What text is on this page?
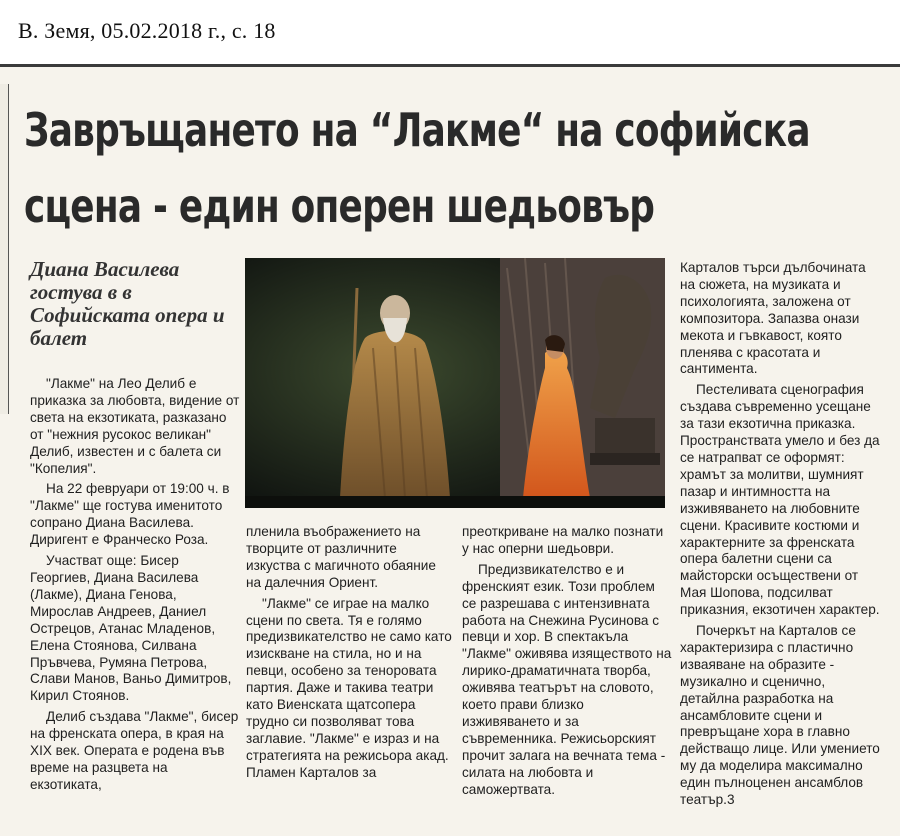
В. Земя, 05.02.2018 г., с. 18
Завръщането на “Лакме“ на софийска
сцена - един оперен шедьовър
Диана Василева гостува в в Софийската опера и балет

"Лакме" на Лео Делиб е приказка за любовта, видение от света на екзотиката, разказано от "нежния русокос великан" Делиб, известен и с балета си "Копелия".

На 22 февруари от 19:00 ч. в "Лакме" ще гостува именитото сопрано Диана Василева. Диригент е Франческо Роза.

Участват още: Бисер Георгиев, Диана Василева (Лакме), Диана Генова, Мирослав Андреев, Даниел Острецов, Атанас Младенов, Елена Стоянова, Силвана Пръвчева, Румяна Петрова, Слави Манов, Ваньо Димитров, Кирил Стоянов.

Делиб създава "Лакме", бисер на френската опера, в края на XIX век. Операта е родена във време на разцвета на екзотиката,

пленила въображението на творците от различните изкуства с магичното обаяние на далечния Ориент.

"Лакме" се играе на малко сцени по света. Тя е голямо предизвикателство не само като изискване на стила, но и на певци, особено за теноровата партия. Даже и такива театри като Виенската щатсопера трудно си позволяват това заглавие. "Лакме" е израз и на стратегията на режисьора акад. Пламен Карталов за

преоткриване на малко познати у нас оперни шедьоври.

Предизвикателство е и френският език. Този проблем се разрешава с интензивната работа на Снежина Русинова с певци и хор. В спектакъла "Лакме" оживява изяществото на лирико-драматичната творба, оживява театърът на словото, което прави близко изживяването и за съвременника. Режисьорският прочит залага на вечната тема - силата на любовта и саможертвата.

Карталов търси дълбочината на сюжета, на музиката и психологията, заложена от композитора. Запазва онази мекота и гъвкавост, която пленява с красотата и сантимента.

Пестеливата сценография създава съвременно усещане за тази екзотична приказка. Пространствата умело и без да се натрапват се оформят: храмът за молитви, шумният пазар и интимността на изживяването на любовните сцени. Красивите костюми и характерните за френската опера балетни сцени са майсторски осъществени от Мая Шопова, подсилват приказния, екзотичен характер.

Почеркът на Карталов се характеризира с пластично изваяване на образите - музикално и сценично, детайлна разработка на ансамбловите сцени и превръщане хора в главно действащо лице. Или умението му да моделира максимално един пълноценен ансамблов театър.3
